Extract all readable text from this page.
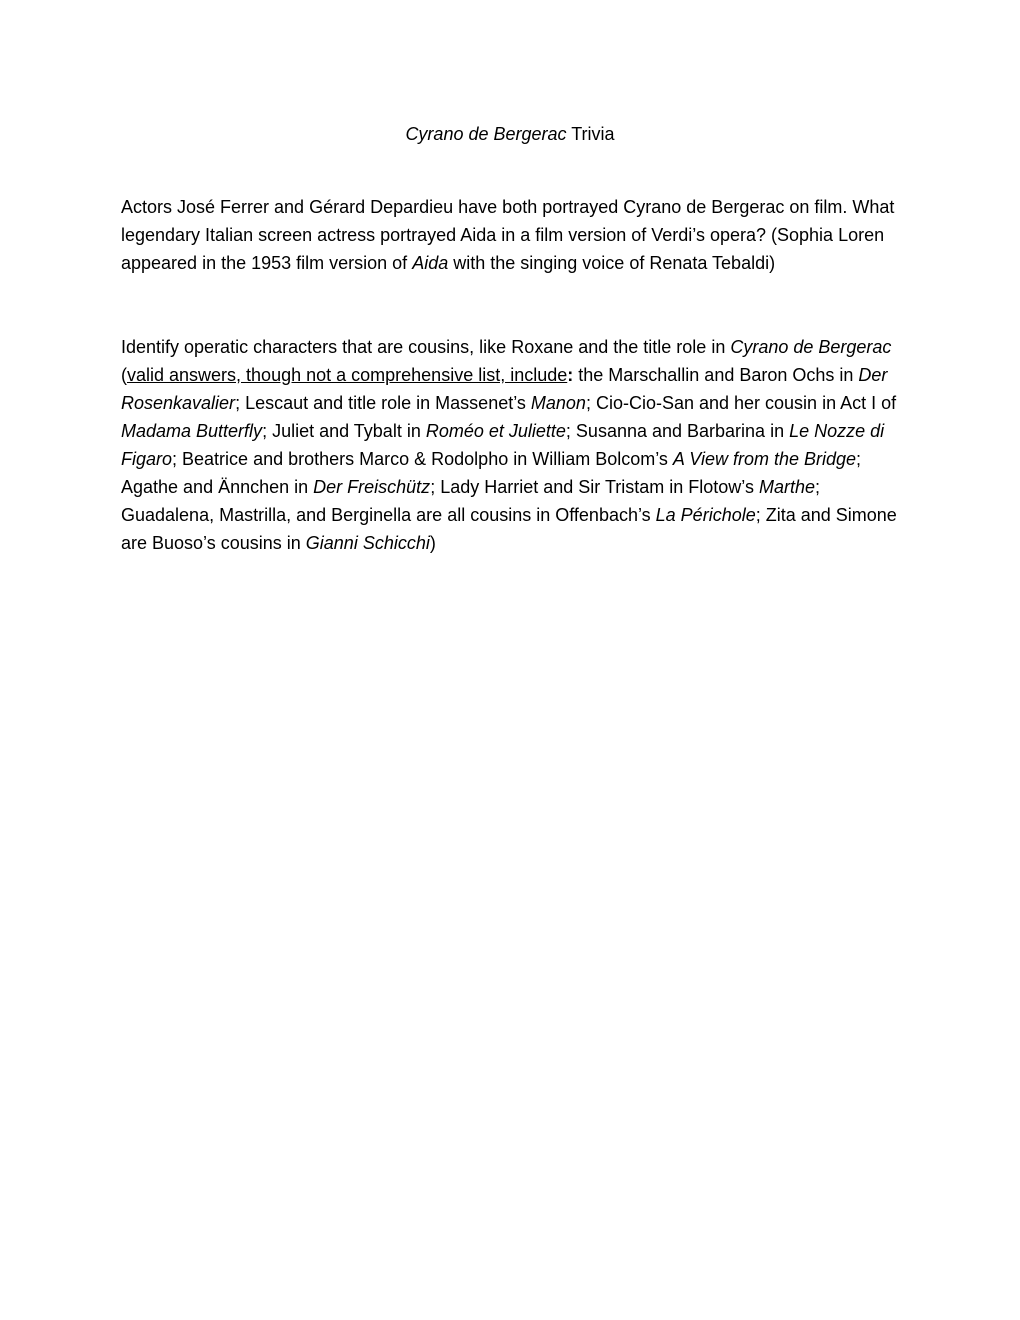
Cyrano de Bergerac Trivia

Actors José Ferrer and Gérard Depardieu have both portrayed Cyrano de Bergerac on film. What legendary Italian screen actress portrayed Aida in a film version of Verdi’s opera? (Sophia Loren appeared in the 1953 film version of Aida with the singing voice of Renata Tebaldi)

Identify operatic characters that are cousins, like Roxane and the title role in Cyrano de Bergerac (valid answers, though not a comprehensive list, include: the Marschallin and Baron Ochs in Der Rosenkavalier; Lescaut and title role in Massenet’s Manon; Cio-Cio-San and her cousin in Act I of Madama Butterfly; Juliet and Tybalt in Roméo et Juliette; Susanna and Barbarina in Le Nozze di Figaro; Beatrice and brothers Marco & Rodolpho in William Bolcom’s A View from the Bridge; Agathe and Ännchen in Der Freischütz; Lady Harriet and Sir Tristam in Flotow’s Marthe; Guadalena, Mastrilla, and Berginella are all cousins in Offenbach’s La Périchole; Zita and Simone are Buoso’s cousins in Gianni Schicchi)
